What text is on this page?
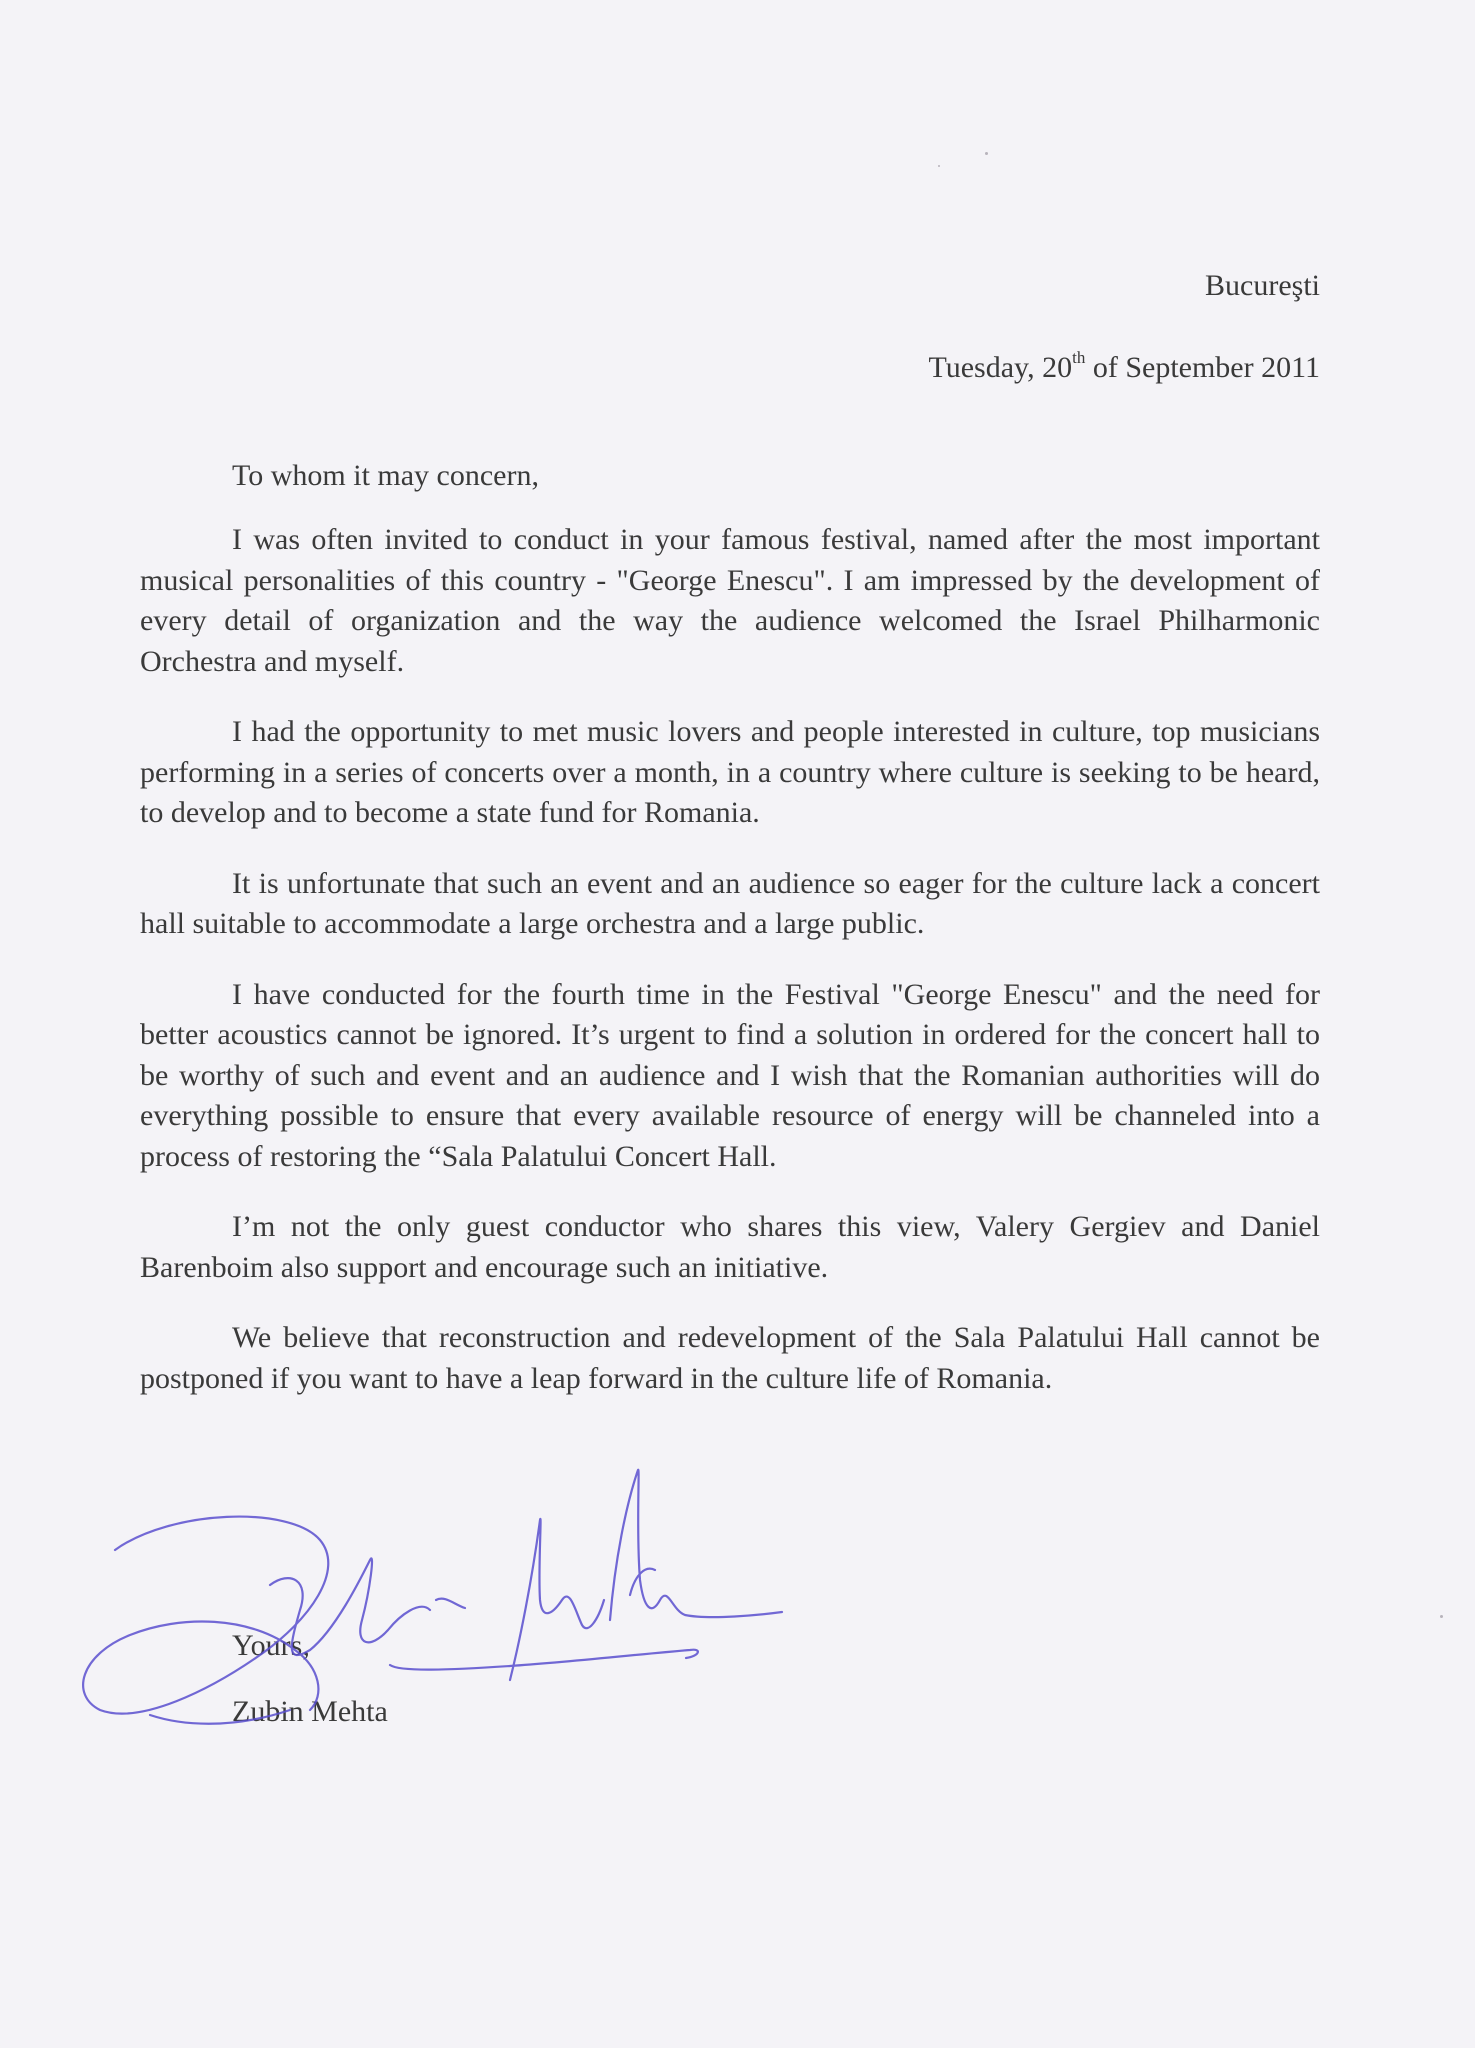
Bucureşti
Tuesday, 20th of September 2011
To whom it may concern,

I was often invited to conduct in your famous festival, named after the most important musical personalities of this country - "George Enescu". I am impressed by the development of every detail of organization and the way the audience welcomed the Israel Philharmonic Orchestra and myself.

I had the opportunity to met music lovers and people interested in culture, top musicians performing in a series of concerts over a month, in a country where culture is seeking to be heard, to develop and to become a state fund for Romania.

It is unfortunate that such an event and an audience so eager for the culture lack a concert hall suitable to accommodate a large orchestra and a large public.

I have conducted for the fourth time in the Festival "George Enescu" and the need for better acoustics cannot be ignored. It’s urgent to find a solution in ordered for the concert hall to be worthy of such and event and an audience and I wish that the Romanian authorities will do everything possible to ensure that every available resource of energy will be channeled into a process of restoring the “Sala Palatului Concert Hall.

I’m not the only guest conductor who shares this view, Valery Gergiev and Daniel Barenboim also support and encourage such an initiative.

We believe that reconstruction and redevelopment of the Sala Palatului Hall cannot be postponed if you want to have a leap forward in the culture life of Romania.

Yours,
Zubin Mehta
